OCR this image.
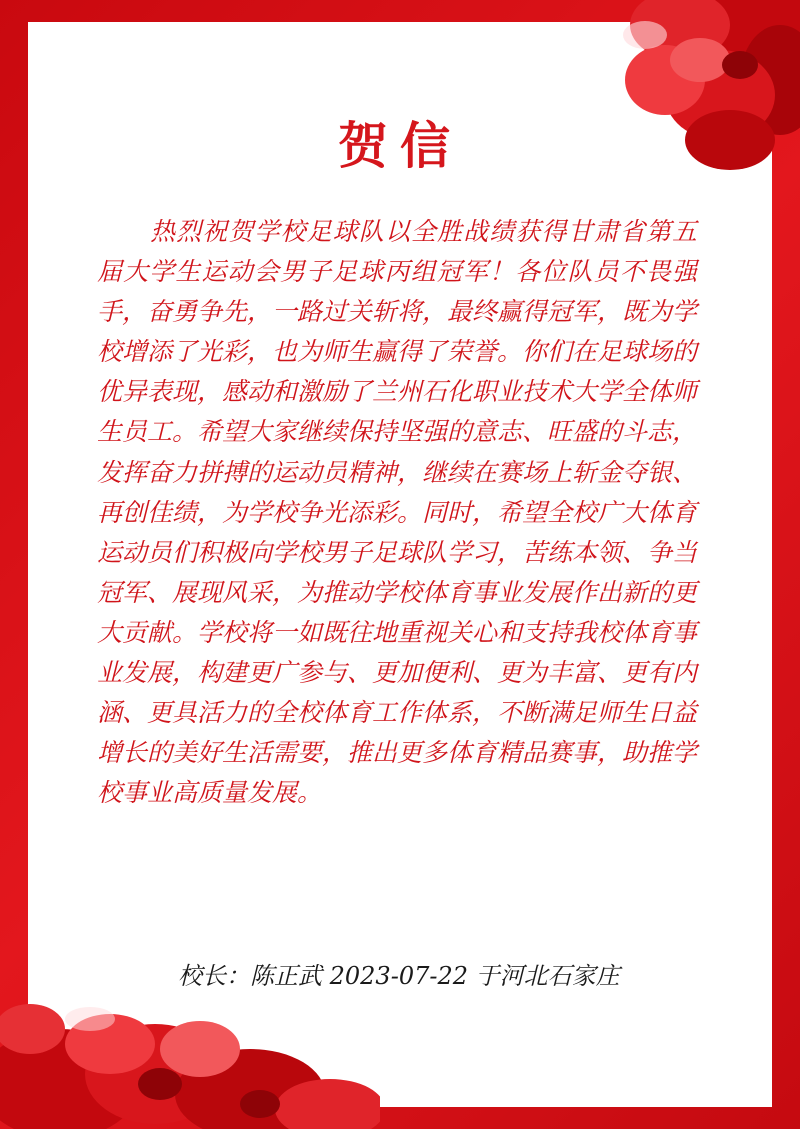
贺信
热烈祝贺学校足球队以全胜战绩获得甘肃省第五届大学生运动会男子足球丙组冠军！各位队员不畏强手，奋勇争先，一路过关斩将，最终赢得冠军，既为学校增添了光彩，也为师生赢得了荣誉。你们在足球场的优异表现，感动和激励了兰州石化职业技术大学全体师生员工。希望大家继续保持坚强的意志、旺盛的斗志，发挥奋力拼搏的运动员精神，继续在赛场上斩金夺银、再创佳绩，为学校争光添彩。同时，希望全校广大体育运动员们积极向学校男子足球队学习，苦练本领、争当冠军、展现风采，为推动学校体育事业发展作出新的更大贡献。学校将一如既往地重视关心和支持我校体育事业发展，构建更广参与、更加便利、更为丰富、更有内涵、更具活力的全校体育工作体系，不断满足师生日益增长的美好生活需要，推出更多体育精品赛事，助推学校事业高质量发展。
校长：陈正武 2023-07-22 于河北石家庄
